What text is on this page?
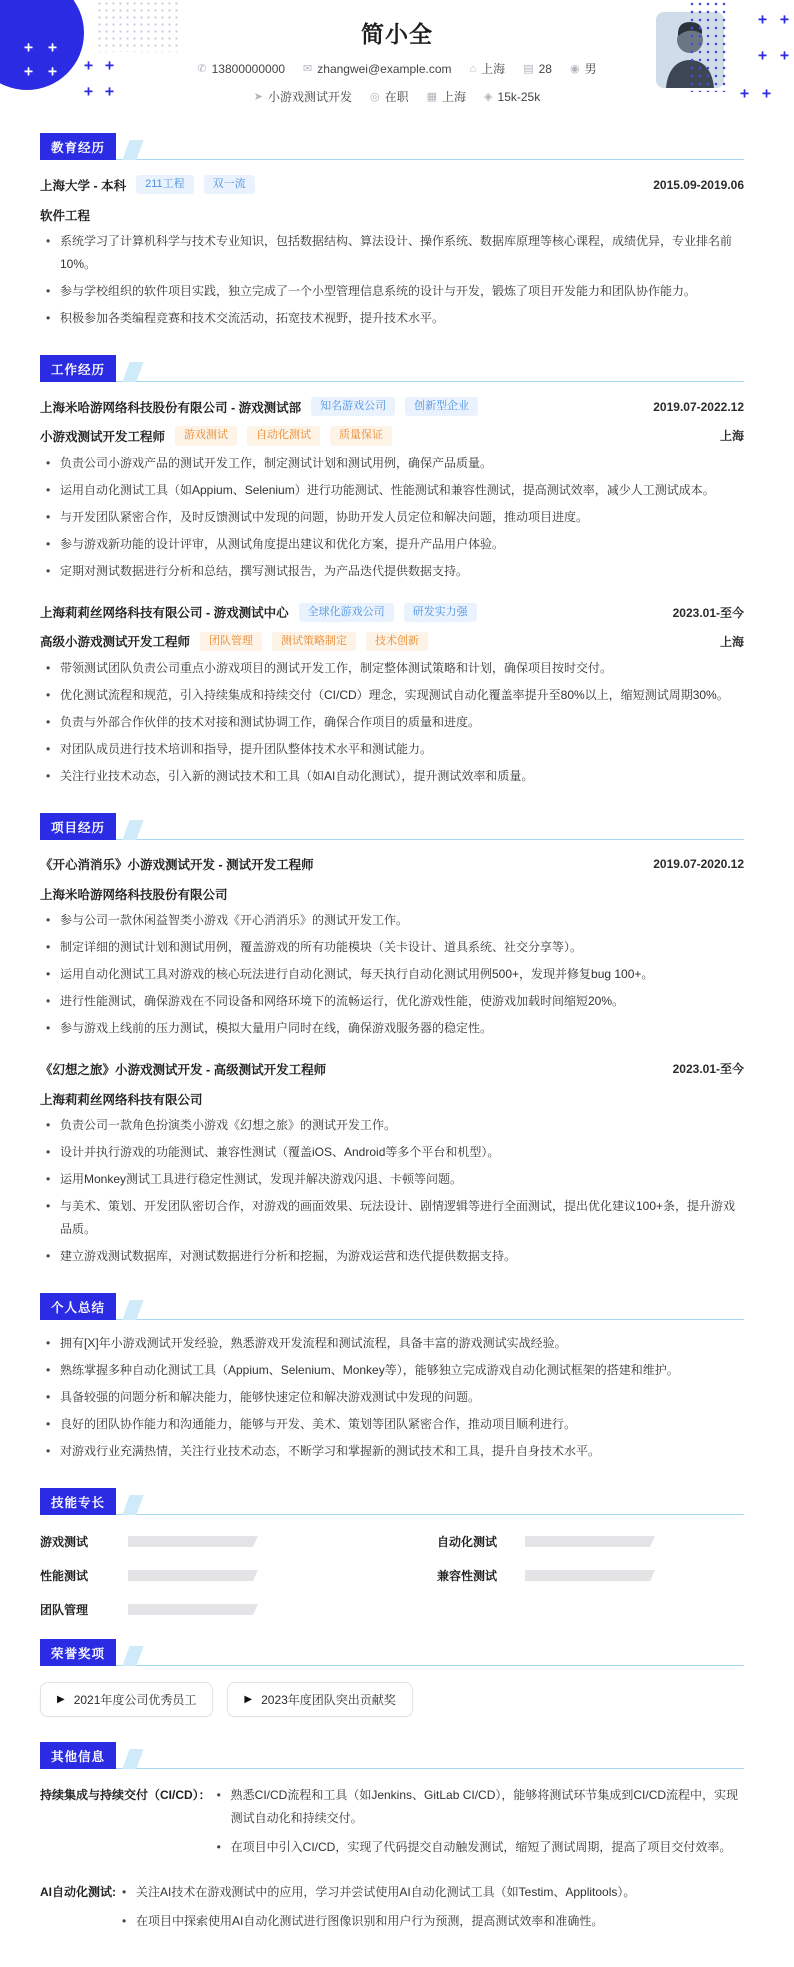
+ +
+ + + +
+ +
+ +
+ +
+ +
简小全
✆ 13800000000 ✉ zhangwei@example.com ⌂ 上海 ▤ 28 ◉ 男
➤ 小游戏测试开发 ◎ 在职 ▦ 上海 ◈ 15k-25k
教育经历
上海大学 - 本科	211工程	双一流	2015.09-2019.06
软件工程
• 系统学习了计算机科学与技术专业知识，包括数据结构、算法设计、操作系统、数据库原理等核心课程，成绩优异，专业排名前10%。
• 参与学校组织的软件项目实践，独立完成了一个小型管理信息系统的设计与开发，锻炼了项目开发能力和团队协作能力。
• 积极参加各类编程竞赛和技术交流活动，拓宽技术视野，提升技术水平。
工作经历
上海米哈游网络科技股份有限公司 - 游戏测试部	知名游戏公司	创新型企业	2019.07-2022.12
小游戏测试开发工程师	游戏测试	自动化测试	质量保证	上海
• 负责公司小游戏产品的测试开发工作，制定测试计划和测试用例，确保产品质量。
• 运用自动化测试工具（如Appium、Selenium）进行功能测试、性能测试和兼容性测试，提高测试效率，减少人工测试成本。
• 与开发团队紧密合作，及时反馈测试中发现的问题，协助开发人员定位和解决问题，推动项目进度。
• 参与游戏新功能的设计评审，从测试角度提出建议和优化方案，提升产品用户体验。
• 定期对测试数据进行分析和总结，撰写测试报告，为产品迭代提供数据支持。
上海莉莉丝网络科技有限公司 - 游戏测试中心	全球化游戏公司	研发实力强	2023.01-至今
高级小游戏测试开发工程师	团队管理	测试策略制定	技术创新	上海
• 带领测试团队负责公司重点小游戏项目的测试开发工作，制定整体测试策略和计划，确保项目按时交付。
• 优化测试流程和规范，引入持续集成和持续交付（CI/CD）理念，实现测试自动化覆盖率提升至80%以上，缩短测试周期30%。
• 负责与外部合作伙伴的技术对接和测试协调工作，确保合作项目的质量和进度。
• 对团队成员进行技术培训和指导，提升团队整体技术水平和测试能力。
• 关注行业技术动态，引入新的测试技术和工具（如AI自动化测试），提升测试效率和质量。
项目经历
《开心消消乐》小游戏测试开发 - 测试开发工程师	2019.07-2020.12
上海米哈游网络科技股份有限公司
• 参与公司一款休闲益智类小游戏《开心消消乐》的测试开发工作。
• 制定详细的测试计划和测试用例，覆盖游戏的所有功能模块（关卡设计、道具系统、社交分享等）。
• 运用自动化测试工具对游戏的核心玩法进行自动化测试，每天执行自动化测试用例500+，发现并修复bug 100+。
• 进行性能测试，确保游戏在不同设备和网络环境下的流畅运行，优化游戏性能，使游戏加载时间缩短20%。
• 参与游戏上线前的压力测试，模拟大量用户同时在线，确保游戏服务器的稳定性。
《幻想之旅》小游戏测试开发 - 高级测试开发工程师	2023.01-至今
上海莉莉丝网络科技有限公司
• 负责公司一款角色扮演类小游戏《幻想之旅》的测试开发工作。
• 设计并执行游戏的功能测试、兼容性测试（覆盖iOS、Android等多个平台和机型）。
• 运用Monkey测试工具进行稳定性测试，发现并解决游戏闪退、卡顿等问题。
• 与美术、策划、开发团队密切合作，对游戏的画面效果、玩法设计、剧情逻辑等进行全面测试，提出优化建议100+条，提升游戏品质。
• 建立游戏测试数据库，对测试数据进行分析和挖掘，为游戏运营和迭代提供数据支持。
个人总结
• 拥有[X]年小游戏测试开发经验，熟悉游戏开发流程和测试流程，具备丰富的游戏测试实战经验。
• 熟练掌握多种自动化测试工具（Appium、Selenium、Monkey等），能够独立完成游戏自动化测试框架的搭建和维护。
• 具备较强的问题分析和解决能力，能够快速定位和解决游戏测试中发现的问题。
• 良好的团队协作能力和沟通能力，能够与开发、美术、策划等团队紧密合作，推动项目顺利进行。
• 对游戏行业充满热情，关注行业技术动态，不断学习和掌握新的测试技术和工具，提升自身技术水平。
技能专长
游戏测试	自动化测试
性能测试	兼容性测试
团队管理
荣誉奖项
▶ 2021年度公司优秀员工	▶ 2023年度团队突出贡献奖
其他信息
持续集成与持续交付（CI/CD）：	• 熟悉CI/CD流程和工具（如Jenkins、GitLab CI/CD），能够将测试环节集成到CI/CD流程中，实现测试自动化和持续交付。
• 在项目中引入CI/CD，实现了代码提交自动触发测试，缩短了测试周期，提高了项目交付效率。
AI自动化测试:	• 关注AI技术在游戏测试中的应用，学习并尝试使用AI自动化测试工具（如Testim、Applitools）。
• 在项目中探索使用AI自动化测试进行图像识别和用户行为预测，提高测试效率和准确性。
